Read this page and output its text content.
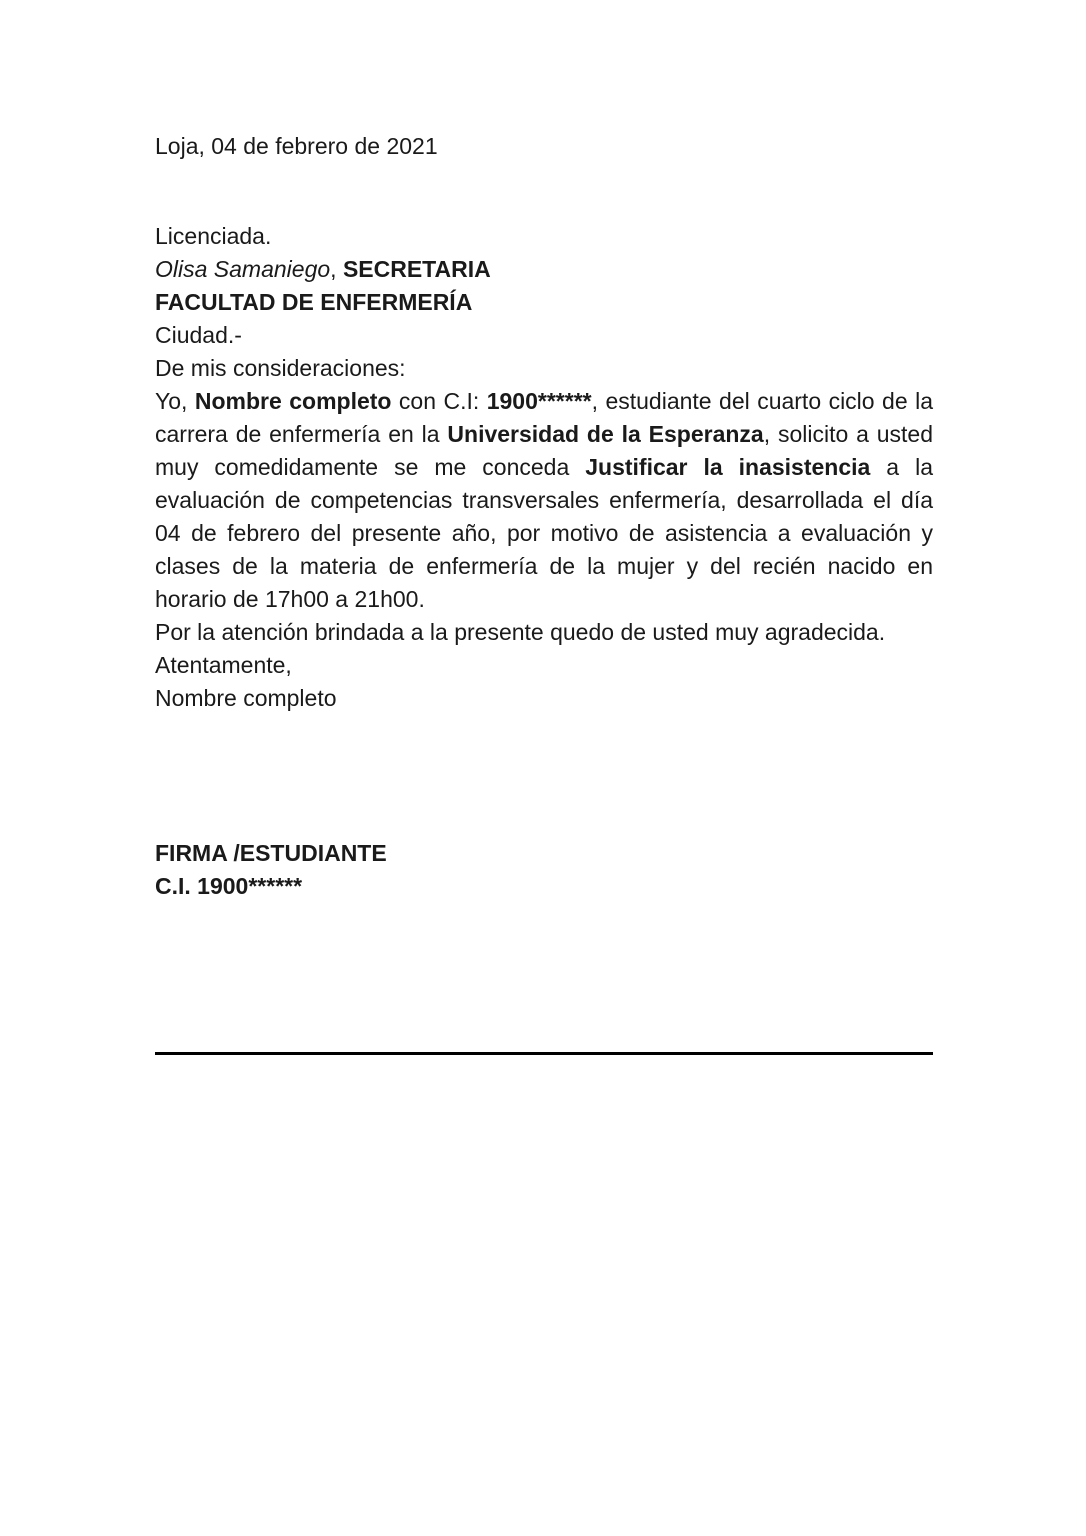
Loja, 04 de febrero de 2021

Licenciada.

Olisa Samaniego, SECRETARIA

FACULTAD DE ENFERMERÍA

Ciudad.-

De mis consideraciones:

Yo, Nombre completo con C.I: 1900******, estudiante del cuarto ciclo de la carrera de enfermería en la Universidad de la Esperanza, solicito a usted muy comedidamente se me conceda Justificar la inasistencia a la evaluación de competencias transversales enfermería, desarrollada el día 04 de febrero del presente año, por motivo de asistencia a evaluación y clases de la materia de enfermería de la mujer y del recién nacido en horario de 17h00 a 21h00.

Por la atención brindada a la presente quedo de usted muy agradecida.

Atentamente,

Nombre completo

FIRMA /ESTUDIANTE

C.I. 1900******
